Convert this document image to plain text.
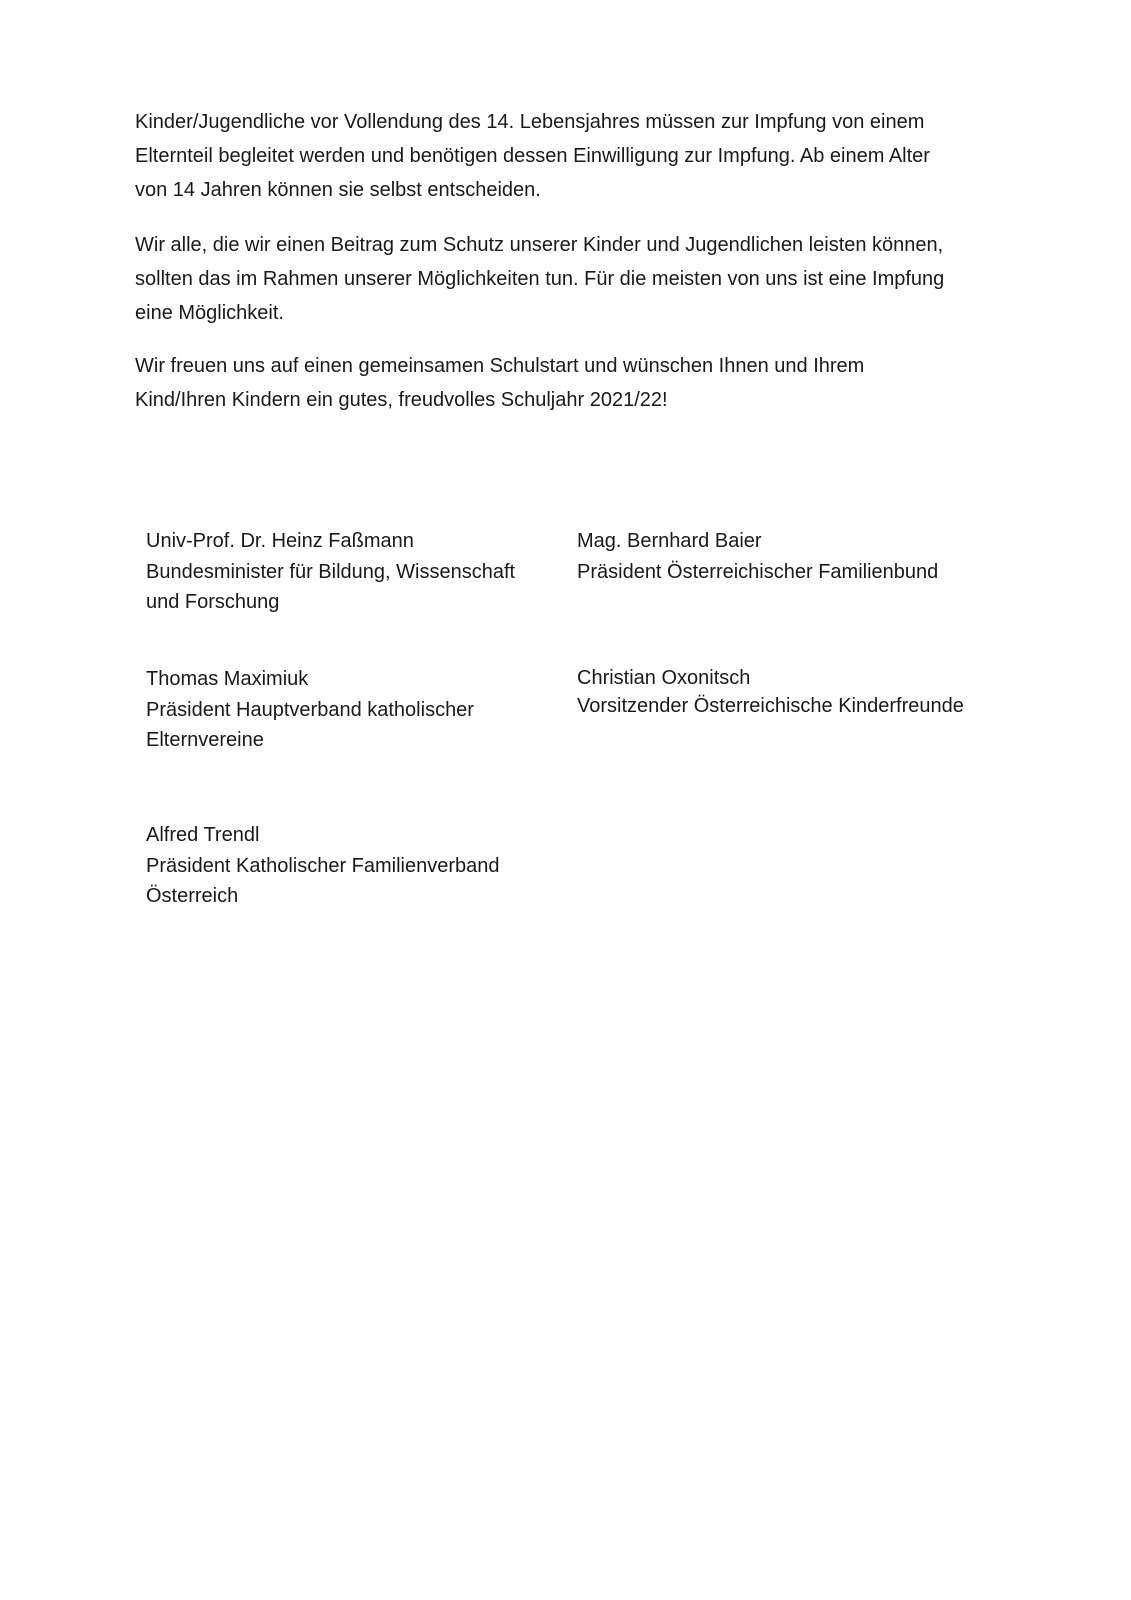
Kinder/Jugendliche vor Vollendung des 14. Lebensjahres müssen zur Impfung von einem
Elternteil begleitet werden und benötigen dessen Einwilligung zur Impfung. Ab einem Alter
von 14 Jahren können sie selbst entscheiden.

Wir alle, die wir einen Beitrag zum Schutz unserer Kinder und Jugendlichen leisten können,
sollten das im Rahmen unserer Möglichkeiten tun. Für die meisten von uns ist eine Impfung
eine Möglichkeit.

Wir freuen uns auf einen gemeinsamen Schulstart und wünschen Ihnen und Ihrem
Kind/Ihren Kindern ein gutes, freudvolles Schuljahr 2021/22!

Univ-Prof. Dr. Heinz Faßmann
Bundesminister für Bildung, Wissenschaft
und Forschung
Mag. Bernhard Baier
Präsident Österreichischer Familienbund
Thomas Maximiuk
Präsident Hauptverband katholischer
Elternvereine
Christian Oxonitsch
Vorsitzender Österreichische Kinderfreunde
Alfred Trendl
Präsident Katholischer Familienverband
Österreich
